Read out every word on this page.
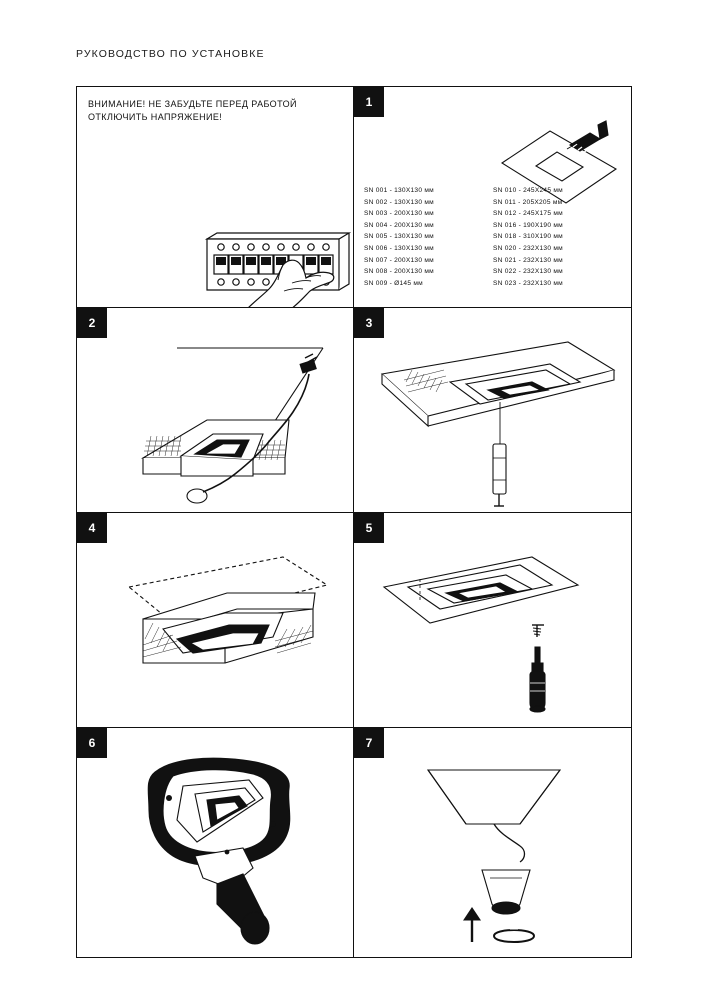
РУКОВОДСТВО ПО УСТАНОВКЕ
ВНИМАНИЕ! НЕ ЗАБУДЬТЕ ПЕРЕД РАБОТОЙ ОТКЛЮЧИТЬ НАПРЯЖЕНИЕ!
1
SN 001 - 130X130 мм
SN 002 - 130X130 мм
SN 003 - 200X130 мм
SN 004 - 200X130 мм
SN 005 - 130X130 мм
SN 006 - 130X130 мм
SN 007 - 200X130 мм
SN 008 - 200X130 мм
SN 009 - Ø145 мм
SN 010 - 245X245 мм
SN 011 - 205X205 мм
SN 012 - 245X175 мм
SN 016 - 190X190 мм
SN 018 - 310X190 мм
SN 020 - 232X130 мм
SN 021 - 232X130 мм
SN 022 - 232X130 мм
SN 023 - 232X130 мм
2	3
4	5
6	7
